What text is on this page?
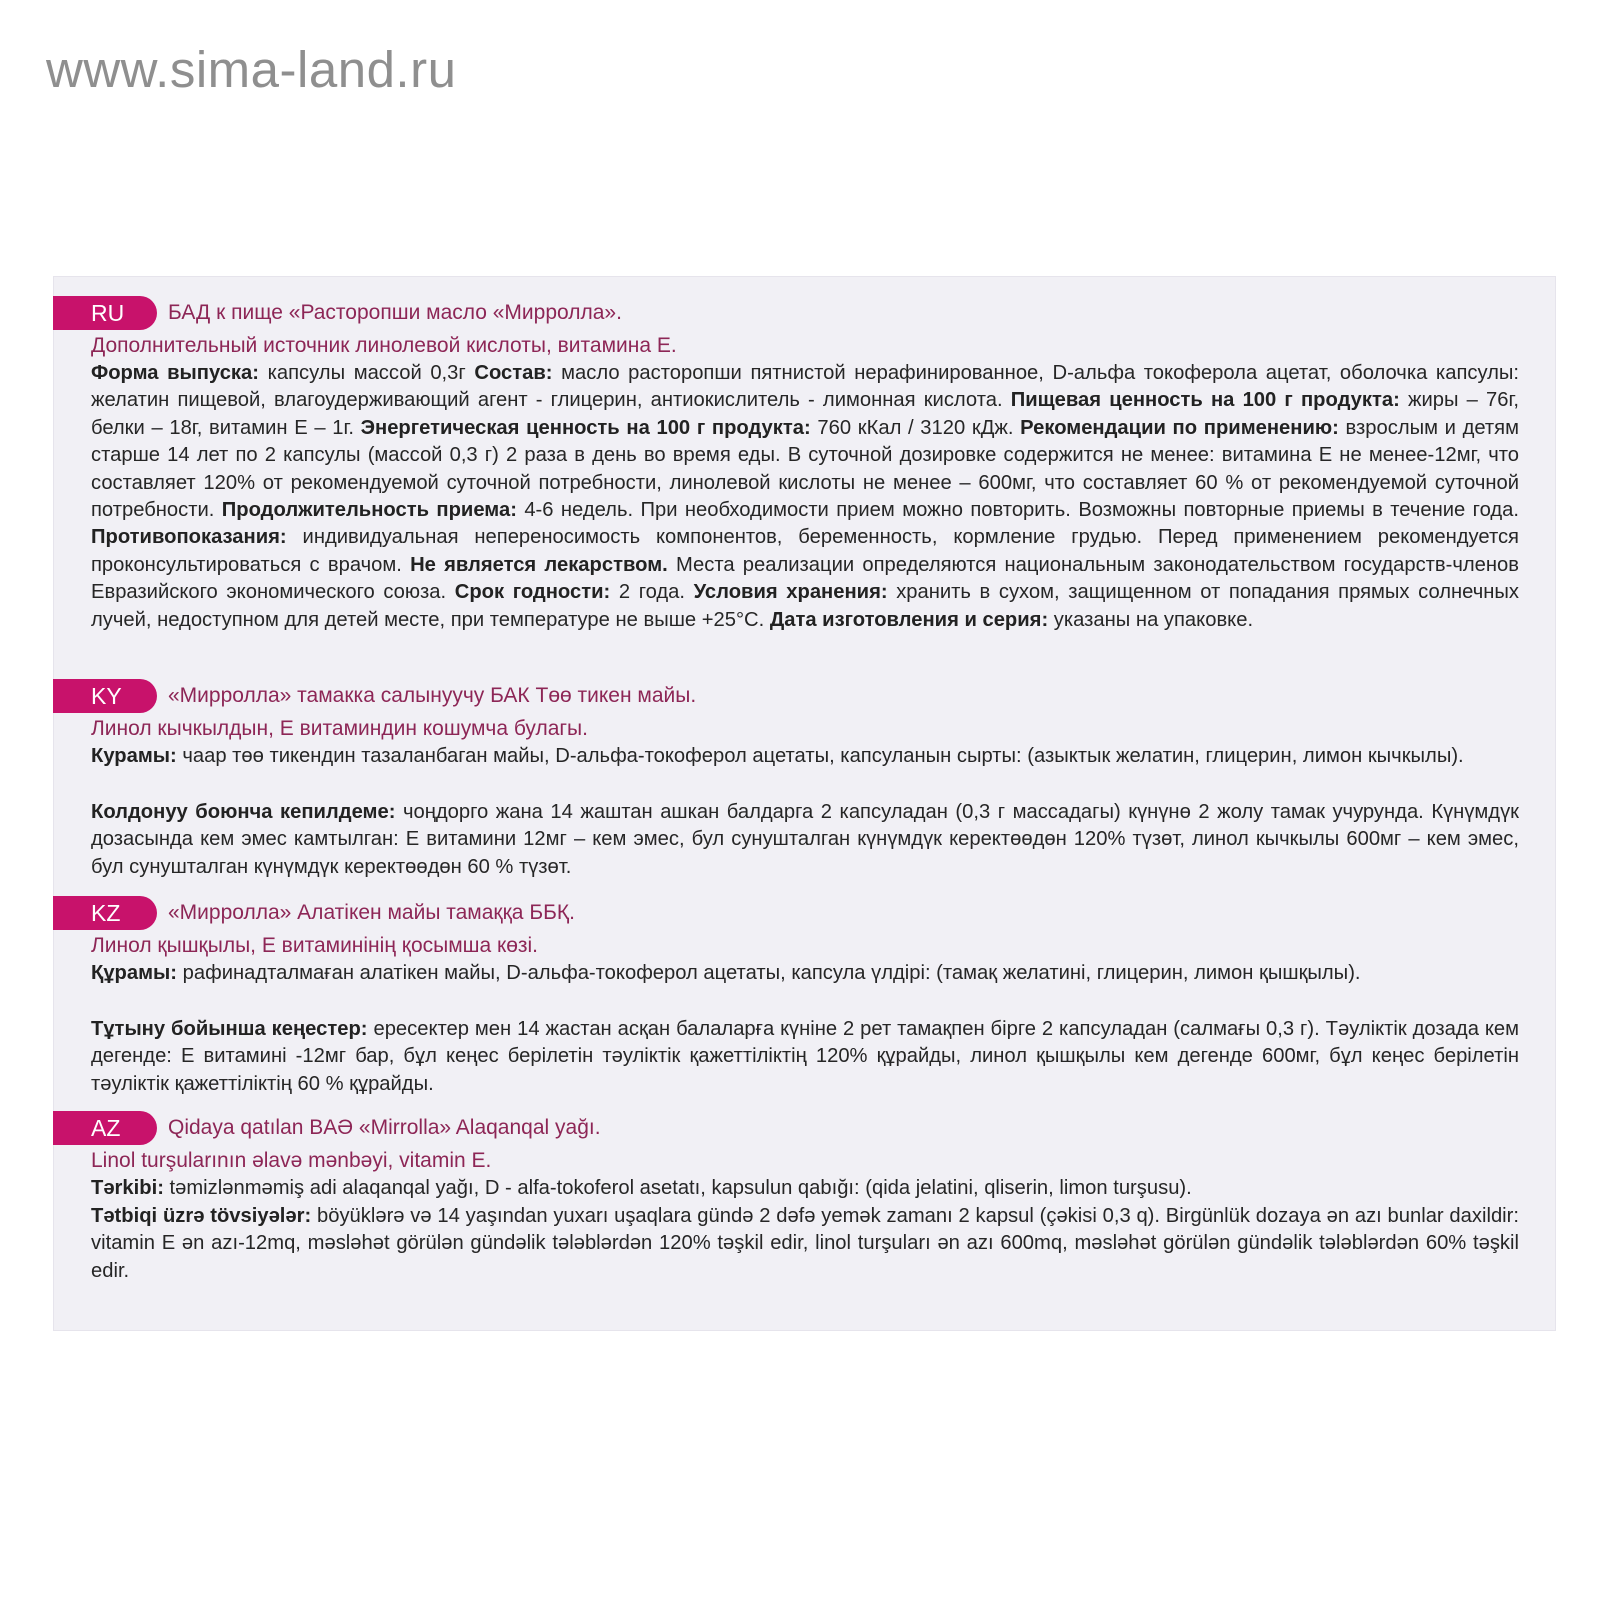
www.sima-land.ru
RU	БАД к пище «Расторопши масло «Мирролла».
Дополнительный источник линолевой кислоты, витамина Е.
Форма выпуска: капсулы массой 0,3г Состав: масло расторопши пятнистой нерафинированное, D-альфа токоферола ацетат, оболочка капсулы: желатин пищевой, влагоудерживающий агент - глицерин, антиокислитель - лимонная кислота. Пищевая ценность на 100 г продукта: жиры – 76г, белки – 18г, витамин Е – 1г. Энергетическая ценность на 100 г продукта: 760 кКал / 3120 кДж. Рекомендации по применению: взрослым и детям старше 14 лет по 2 капсулы (массой 0,3 г) 2 раза в день во время еды. В суточной дозировке содержится не менее: витамина Е не менее-12мг, что составляет 120% от рекомендуемой суточной потребности, линолевой кислоты не менее – 600мг, что составляет 60 % от рекомендуемой суточной потребности. Продолжительность приема: 4-6 недель. При необходимости прием можно повторить. Возможны повторные приемы в течение года. Противопоказания: индивидуальная непереносимость компонентов, беременность, кормление грудью. Перед применением рекомендуется проконсультироваться с врачом. Не является лекарством. Места реализации определяются национальным законодательством государств-членов Евразийского экономического союза. Срок годности: 2 года. Условия хранения: хранить в сухом, защищенном от попадания прямых солнечных лучей, недоступном для детей месте, при температуре не выше +25°С. Дата изготовления и серия: указаны на упаковке.
KY	«Мирролла» тамакка салынуучу БАК Төө тикен майы.
Линол кычкылдын, Е витаминдин кошумча булагы.
Курамы: чаар төө тикендин тазаланбаган майы, D-альфа-токоферол ацетаты, капсуланын сырты: (азыктык желатин, глицерин, лимон кычкылы).
Колдонуу боюнча кепилдеме: чоңдорго жана 14 жаштан ашкан балдарга 2 капсуладан (0,3 г массадагы) күнүнө 2 жолу тамак учурунда. Күнүмдүк дозасында кем эмес камтылган: Е витамини 12мг – кем эмес, бул сунушталган күнүмдүк керектөөдөн 120% түзөт, линол кычкылы 600мг – кем эмес, бул сунушталган күнүмдүк керектөөдөн 60 % түзөт.
KZ	«Мирролла» Алатікен майы тамаққа ББҚ.
Линол қышқылы, Е витаминінің қосымша көзі.
Құрамы: рафинадталмаған алатікен майы, D-альфа-токоферол ацетаты, капсула үлдірі: (тамақ желатині, глицерин, лимон қышқылы).
Тұтыну бойынша кеңестер: ересектер мен 14 жастан асқан балаларға күніне 2 рет тамақпен бірге 2 капсуладан (салмағы 0,3 г). Тәуліктік дозада кем дегенде: Е витамині -12мг бар, бұл кеңес берілетін тәуліктік қажеттіліктің 120% құрайды, линол қышқылы кем дегенде 600мг, бұл кеңес берілетін тәуліктік қажеттіліктің 60 % құрайды.
AZ	Qidaya qatılan BAƏ «Mirrolla» Alaqanqal yağı.
Linol turşularının əlavə mənbəyi, vitamin E.
Tərkibi: təmizlənməmiş adi alaqanqal yağı, D - alfa-tokoferol asetatı, kapsulun qabığı: (qida jelatini, qliserin, limon turşusu).
Tətbiqi üzrə tövsiyələr: böyüklərə və 14 yaşından yuxarı uşaqlara gündə 2 dəfə yemək zamanı 2 kapsul (çəkisi 0,3 q). Birgünlük dozaya ən azı bunlar daxildir: vitamin E ən azı-12mq, məsləhət görülən gündəlik tələblərdən 120% təşkil edir, linol turşuları ən azı 600mq, məsləhət görülən gündəlik tələblərdən 60% təşkil edir.
